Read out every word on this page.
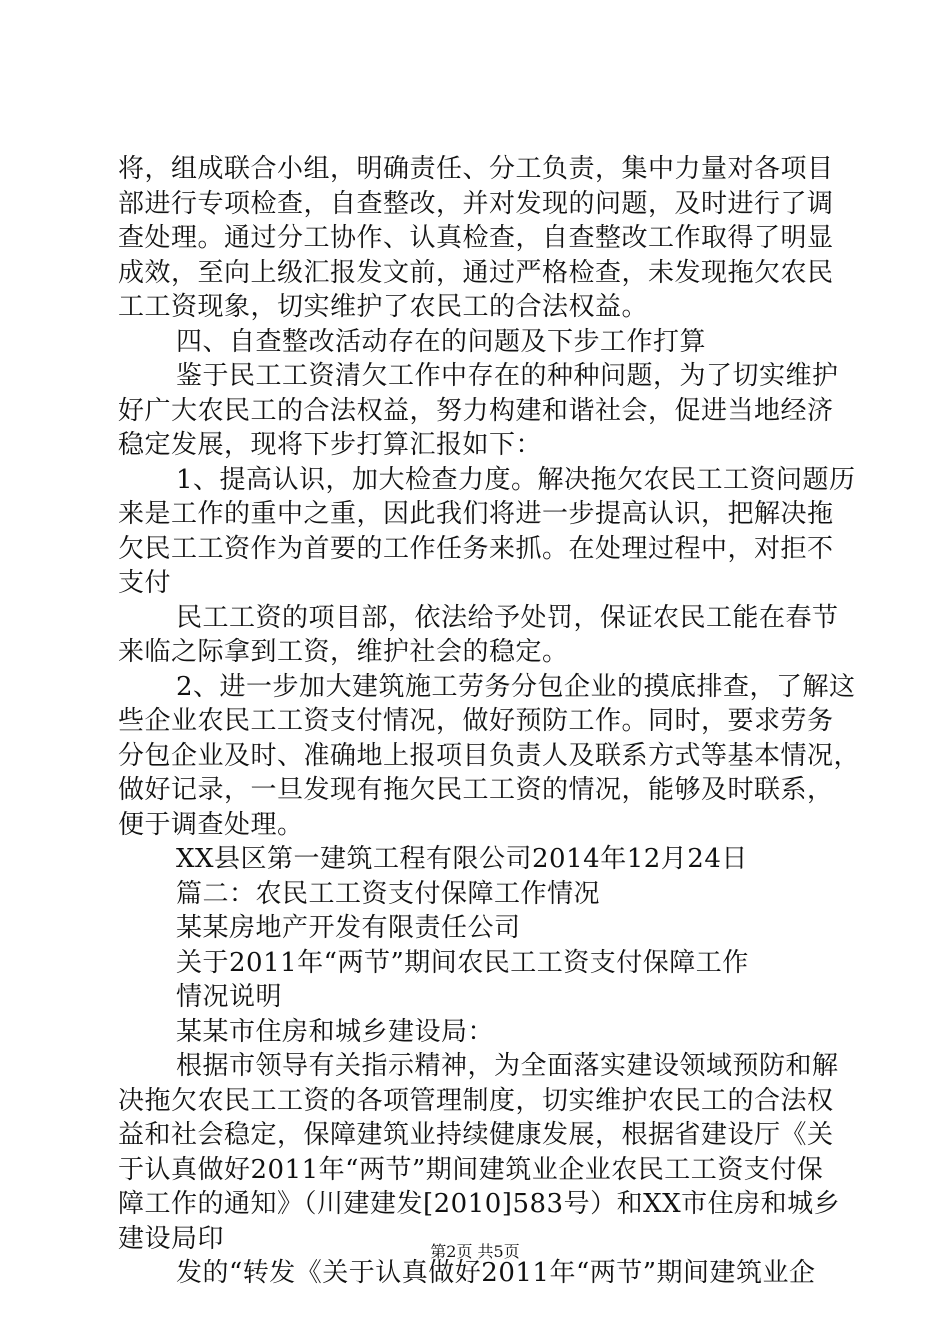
将，组成联合小组，明确责任、分工负责，集中力量对各项目
部进行专项检查，自查整改，并对发现的问题，及时进行了调
查处理。通过分工协作、认真检查，自查整改工作取得了明显
成效，至向上级汇报发文前，通过严格检查，未发现拖欠农民
工工资现象，切实维护了农民工的合法权益。
四、自查整改活动存在的问题及下步工作打算
鉴于民工工资清欠工作中存在的种种问题，为了切实维护
好广大农民工的合法权益，努力构建和谐社会，促进当地经济
稳定发展，现将下步打算汇报如下：
1、提高认识，加大检查力度。解决拖欠农民工工资问题历
来是工作的重中之重，因此我们将进一步提高认识，把解决拖
欠民工工资作为首要的工作任务来抓。在处理过程中，对拒不
支付
民工工资的项目部，依法给予处罚，保证农民工能在春节
来临之际拿到工资，维护社会的稳定。
2、进一步加大建筑施工劳务分包企业的摸底排查，了解这
些企业农民工工资支付情况，做好预防工作。同时，要求劳务
分包企业及时、准确地上报项目负责人及联系方式等基本情况，
做好记录，一旦发现有拖欠民工工资的情况，能够及时联系，
便于调查处理。
XX县区第一建筑工程有限公司2014年12月24日
篇二：农民工工资支付保障工作情况
某某房地产开发有限责任公司
关于2011年“两节”期间农民工工资支付保障工作
情况说明
某某市住房和城乡建设局：
根据市领导有关指示精神，为全面落实建设领域预防和解
决拖欠农民工工资的各项管理制度，切实维护农民工的合法权
益和社会稳定，保障建筑业持续健康发展，根据省建设厅《关
于认真做好2011年“两节”期间建筑业企业农民工工资支付保
障工作的通知》（川建建发[2010]583号）和XX市住房和城乡
建设局印
发的“转发《关于认真做好2011年“两节”期间建筑业企
第2页 共5页
